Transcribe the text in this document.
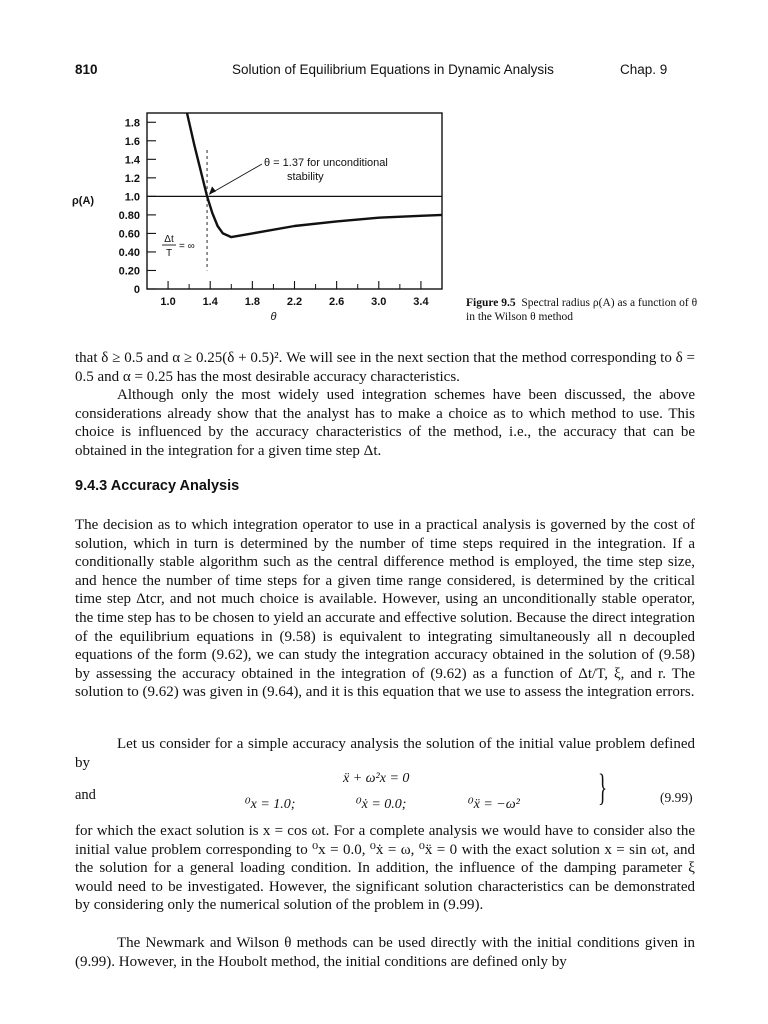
810	Solution of Equilibrium Equations in Dynamic Analysis	Chap. 9
0
0.20
0.40
0.60
0.80
1.0
1.2
1.4
1.6
1.8
1.0 1.4 1.8 2.2 2.6 3.0 3.4
θ = 1.37 for unconditional
stability
Δt
T
= ∞
ρ(A)
θ
Figure 9.5 Spectral radius ρ(A) as a function of θ in the Wilson θ method
that δ ≥ 0.5 and α ≥ 0.25(δ + 0.5)². We will see in the next section that the method corresponding to δ = 0.5 and α = 0.25 has the most desirable accuracy characteristics.
Although only the most widely used integration schemes have been discussed, the above considerations already show that the analyst has to make a choice as to which method to use. This choice is influenced by the accuracy characteristics of the method, i.e., the accuracy that can be obtained in the integration for a given time step Δt.
9.4.3 Accuracy Analysis
The decision as to which integration operator to use in a practical analysis is governed by the cost of solution, which in turn is determined by the number of time steps required in the integration. If a conditionally stable algorithm such as the central difference method is employed, the time step size, and hence the number of time steps for a given time range considered, is determined by the critical time step Δtcr, and not much choice is available. However, using an unconditionally stable operator, the time step has to be chosen to yield an accurate and effective solution. Because the direct integration of the equilibrium equations in (9.58) is equivalent to integrating simultaneously all n decoupled equations of the form (9.62), we can study the integration accuracy obtained in the solution of (9.58) by assessing the accuracy obtained in the integration of (9.62) as a function of Δt/T, ξ, and r. The solution to (9.62) was given in (9.64), and it is this equation that we use to assess the integration errors.
Let us consider for a simple accuracy analysis the solution of the initial value problem defined by
ẍ + ω²x = 0
and
⁰x = 1.0;	⁰ẋ = 0.0;	⁰ẍ = −ω² }	(9.99)
for which the exact solution is x = cos ωt. For a complete analysis we would have to consider also the initial value problem corresponding to ⁰x = 0.0, ⁰ẋ = ω, ⁰ẍ = 0 with the exact solution x = sin ωt, and the solution for a general loading condition. In addition, the influence of the damping parameter ξ would need to be investigated. However, the significant solution characteristics can be demonstrated by considering only the numerical solution of the problem in (9.99).
The Newmark and Wilson θ methods can be used directly with the initial conditions given in (9.99). However, in the Houbolt method, the initial conditions are defined only by
